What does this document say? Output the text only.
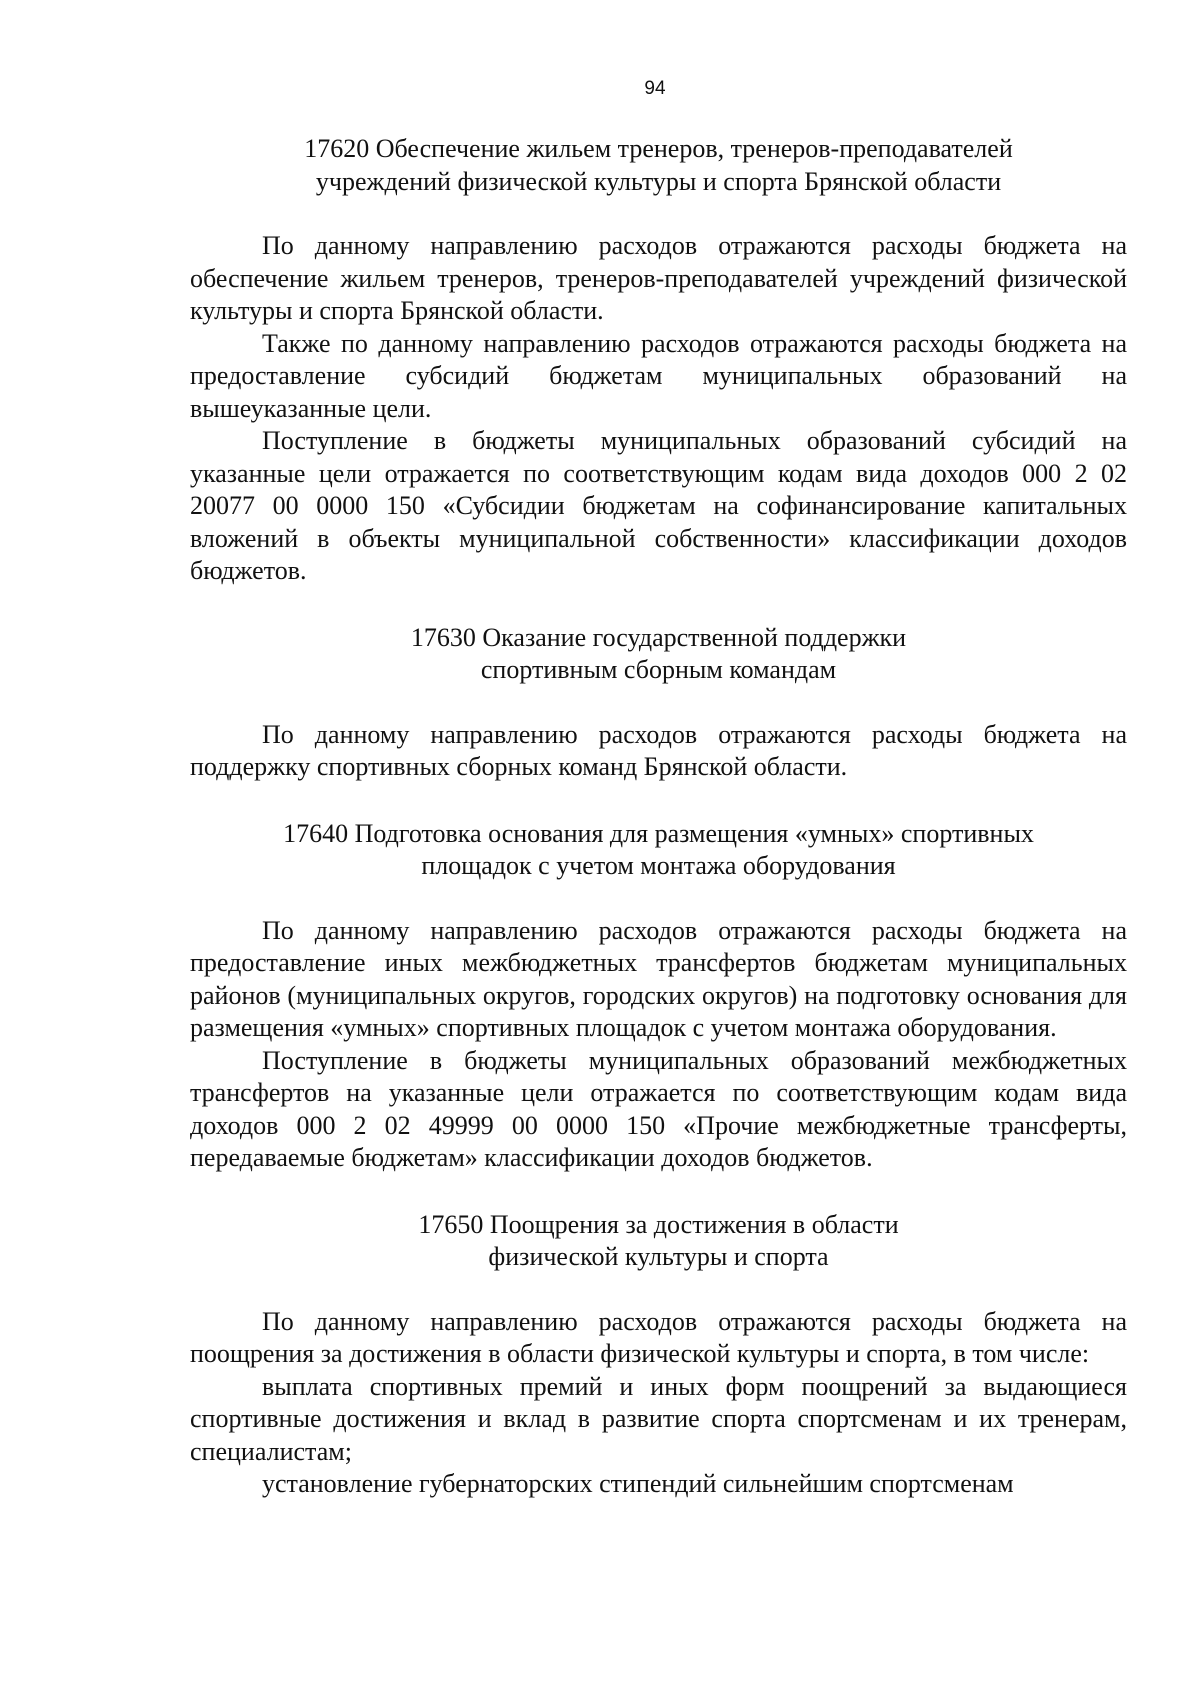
94
17620 Обеспечение жильем тренеров, тренеров-преподавателей
учреждений физической культуры и спорта Брянской области

По данному направлению расходов отражаются расходы бюджета на обеспечение жильем тренеров, тренеров-преподавателей учреждений физической культуры и спорта Брянской области.

Также по данному направлению расходов отражаются расходы бюджета на предоставление субсидий бюджетам муниципальных образований на вышеуказанные цели.

Поступление в бюджеты муниципальных образований субсидий на указанные цели отражается по соответствующим кодам вида доходов 000 2 02 20077 00 0000 150 «Субсидии бюджетам на софинансирование капитальных вложений в объекты муниципальной собственности» классификации доходов бюджетов.

17630 Оказание государственной поддержки
спортивным сборным командам

По данному направлению расходов отражаются расходы бюджета на поддержку спортивных сборных команд Брянской области.

17640 Подготовка основания для размещения «умных» спортивных
площадок с учетом монтажа оборудования

По данному направлению расходов отражаются расходы бюджета на предоставление иных межбюджетных трансфертов бюджетам муниципальных районов (муниципальных округов, городских округов) на подготовку основания для размещения «умных» спортивных площадок с учетом монтажа оборудования.

Поступление в бюджеты муниципальных образований межбюджетных трансфертов на указанные цели отражается по соответствующим кодам вида доходов 000 2 02 49999 00 0000 150 «Прочие межбюджетные трансферты, передаваемые бюджетам» классификации доходов бюджетов.

17650 Поощрения за достижения в области
физической культуры и спорта

По данному направлению расходов отражаются расходы бюджета на поощрения за достижения в области физической культуры и спорта, в том числе:

выплата спортивных премий и иных форм поощрений за выдающиеся спортивные достижения и вклад в развитие спорта спортсменам и их тренерам, специалистам;

установление губернаторских стипендий сильнейшим спортсменам
